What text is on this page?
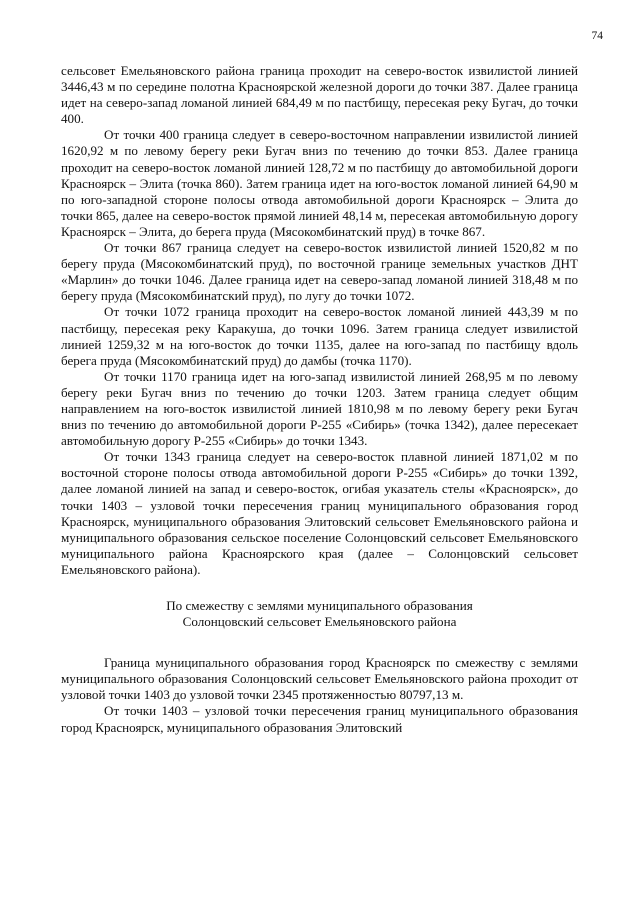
74

сельсовет Емельяновского района граница проходит на северо-восток извилистой линией 3446,43 м по середине полотна Красноярской железной дороги до точки 387. Далее граница идет на северо-запад ломаной линией 684,49 м по пастбищу, пересекая реку Бугач, до точки 400.

От точки 400 граница следует в северо-восточном направлении извилистой линией 1620,92 м по левому берегу реки Бугач вниз по течению до точки 853. Далее граница проходит на северо-восток ломаной линией 128,72 м по пастбищу до автомобильной дороги Красноярск – Элита (точка 860). Затем граница идет на юго-восток ломаной линией 64,90 м по юго-западной стороне полосы отвода автомобильной дороги Красноярск – Элита до точки 865, далее на северо-восток прямой линией 48,14 м, пересекая автомобильную дорогу Красноярск – Элита, до берега пруда (Мясокомбинатский пруд) в точке 867.

От точки 867 граница следует на северо-восток извилистой линией 1520,82 м по берегу пруда (Мясокомбинатский пруд), по восточной границе земельных участков ДНТ «Марлин» до точки 1046. Далее граница идет на северо-запад ломаной линией 318,48 м по берегу пруда (Мясокомбинатский пруд), по лугу до точки 1072.

От точки 1072 граница проходит на северо-восток ломаной линией 443,39 м по пастбищу, пересекая реку Каракуша, до точки 1096. Затем граница следует извилистой линией 1259,32 м на юго-восток до точки 1135, далее на юго-запад по пастбищу вдоль берега пруда (Мясокомбинатский пруд) до дамбы (точка 1170).

От точки 1170 граница идет на юго-запад извилистой линией 268,95 м по левому берегу реки Бугач вниз по течению до точки 1203. Затем граница следует общим направлением на юго-восток извилистой линией 1810,98 м по левому берегу реки Бугач вниз по течению до автомобильной дороги Р-255 «Сибирь» (точка 1342), далее пересекает автомобильную дорогу Р-255 «Сибирь» до точки 1343.

От точки 1343 граница следует на северо-восток плавной линией 1871,02 м по восточной стороне полосы отвода автомобильной дороги Р-255 «Сибирь» до точки 1392, далее ломаной линией на запад и северо-восток, огибая указатель стелы «Красноярск», до точки 1403 – узловой точки пересечения границ муниципального образования город Красноярск, муниципального образования Элитовский сельсовет Емельяновского района и муниципального образования сельское поселение Солонцовский сельсовет Емельяновского муниципального района Красноярского края (далее – Солонцовский сельсовет Емельяновского района).

По смежеству с землями муниципального образования
Солонцовский сельсовет Емельяновского района

Граница муниципального образования город Красноярск по смежеству с землями муниципального образования Солонцовский сельсовет Емельяновского района проходит от узловой точки 1403 до узловой точки 2345 протяженностью 80797,13 м.

От точки 1403 – узловой точки пересечения границ муниципального образования город Красноярск, муниципального образования Элитовский
